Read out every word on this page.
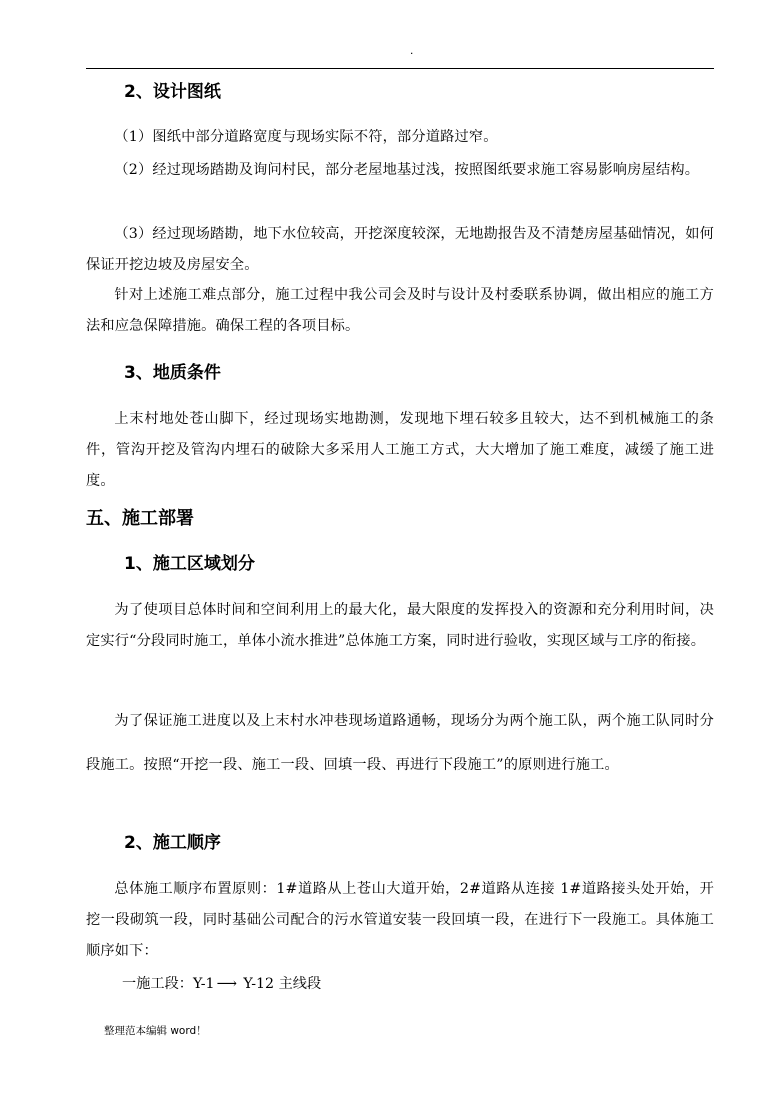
.
2、设计图纸

（1）图纸中部分道路宽度与现场实际不符，部分道路过窄。

（2）经过现场踏勘及询问村民，部分老屋地基过浅，按照图纸要求施工容易影响房屋结构。

（3）经过现场踏勘，地下水位较高，开挖深度较深，无地勘报告及不清楚房屋基础情况，如何保证开挖边坡及房屋安全。

针对上述施工难点部分，施工过程中我公司会及时与设计及村委联系协调，做出相应的施工方法和应急保障措施。确保工程的各项目标。

3、地质条件

上末村地处苍山脚下，经过现场实地勘测，发现地下埋石较多且较大，达不到机械施工的条件，管沟开挖及管沟内埋石的破除大多采用人工施工方式，大大增加了施工难度，减缓了施工进度。

五、施工部署
1、施工区域划分

为了使项目总体时间和空间利用上的最大化，最大限度的发挥投入的资源和充分利用时间，决定实行“分段同时施工，单体小流水推进”总体施工方案，同时进行验收，实现区域与工序的衔接。

为了保证施工进度以及上末村水冲巷现场道路通畅，现场分为两个施工队，两个施工队同时分段施工。按照“开挖一段、施工一段、回填一段、再进行下段施工”的原则进行施工。

2、施工顺序

总体施工顺序布置原则：1#道路从上苍山大道开始，2#道路从连接 1#道路接头处开始，开挖一段砌筑一段，同时基础公司配合的污水管道安装一段回填一段，在进行下一段施工。具体施工顺序如下：

一施工段：Y-1 ⟶ Y-12 主线段
整理范本编辑 word！
